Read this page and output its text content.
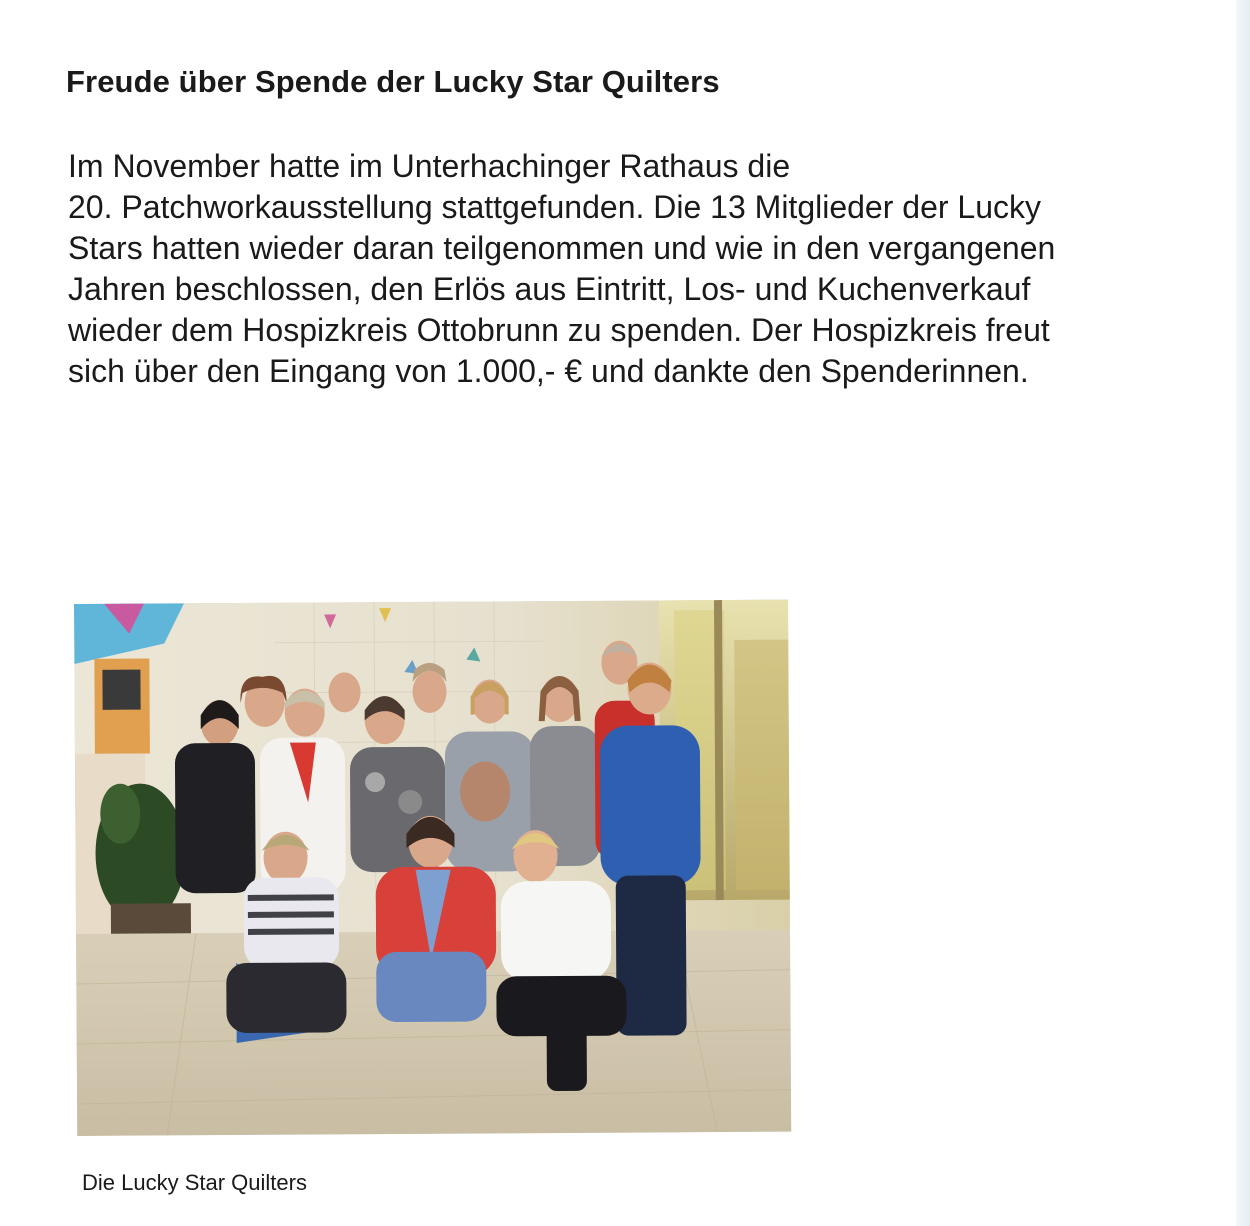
Freude über Spende der Lucky Star Quilters
Im November hatte im Unterhachinger Rathaus die
20. Patchworkausstellung stattgefunden. Die 13 Mitglieder der Lucky
Stars hatten wieder daran teilgenommen und wie in den vergangenen
Jahren beschlossen, den Erlös aus Eintritt, Los- und Kuchenverkauf
wieder dem Hospizkreis Ottobrunn zu spenden. Der Hospizkreis freut
sich über den Eingang von 1.000,- € und dankte den Spenderinnen.

Die Lucky Star Quilters
